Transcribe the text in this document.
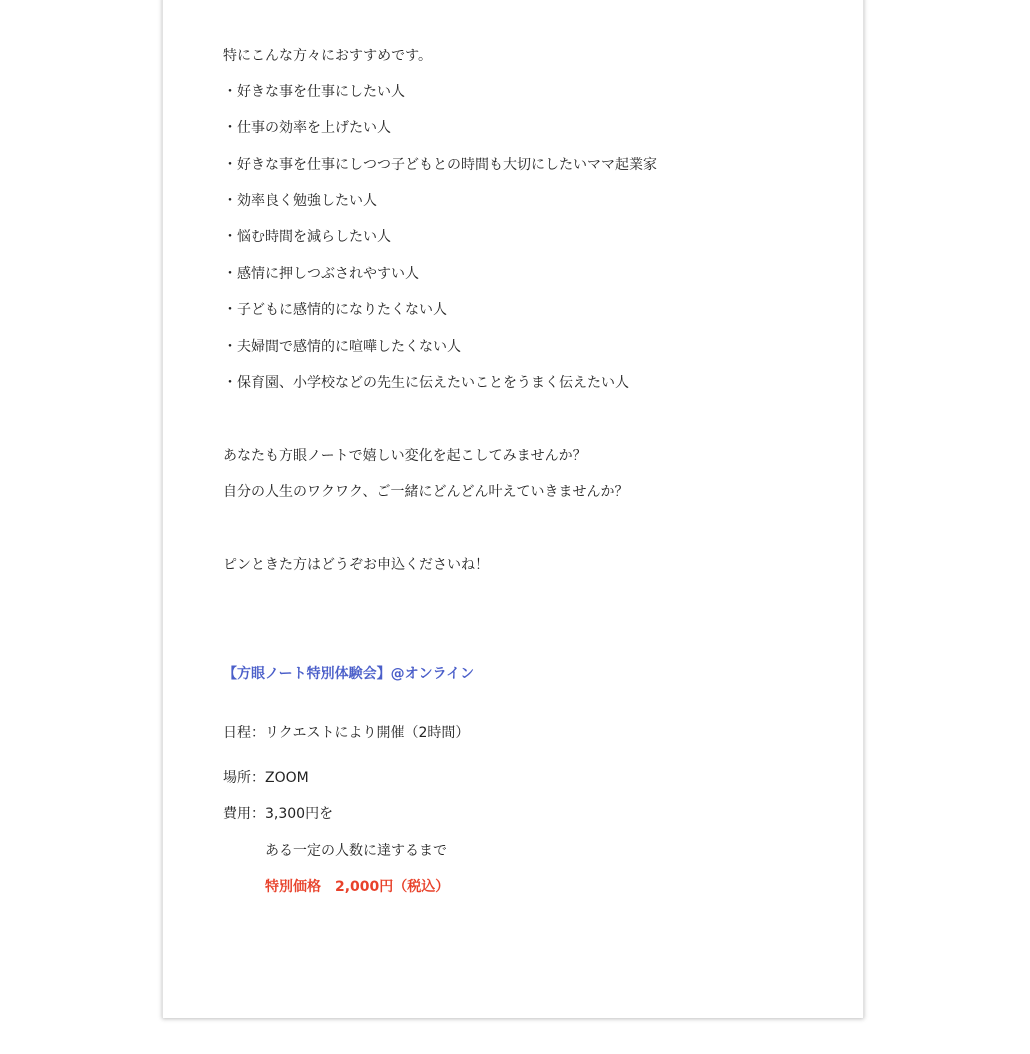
特にこんな方々におすすめです。
・好きな事を仕事にしたい人
・仕事の効率を上げたい人
・好きな事を仕事にしつつ子どもとの時間も大切にしたいママ起業家
・効率良く勉強したい人
・悩む時間を減らしたい人
・感情に押しつぶされやすい人
・子どもに感情的になりたくない人
・夫婦間で感情的に喧嘩したくない人
・保育園、小学校などの先生に伝えたいことをうまく伝えたい人
あなたも方眼ノートで嬉しい変化を起こしてみませんか？
自分の人生のワクワク、ご一緒にどんどん叶えていきませんか？
ピンときた方はどうぞお申込くださいね！
【方眼ノート特別体験会】@オンライン
日程：リクエストにより開催（2時間）
場所：ZOOM
費用：3,300円を
ある一定の人数に達するまで
特別価格　2,000円（税込）
